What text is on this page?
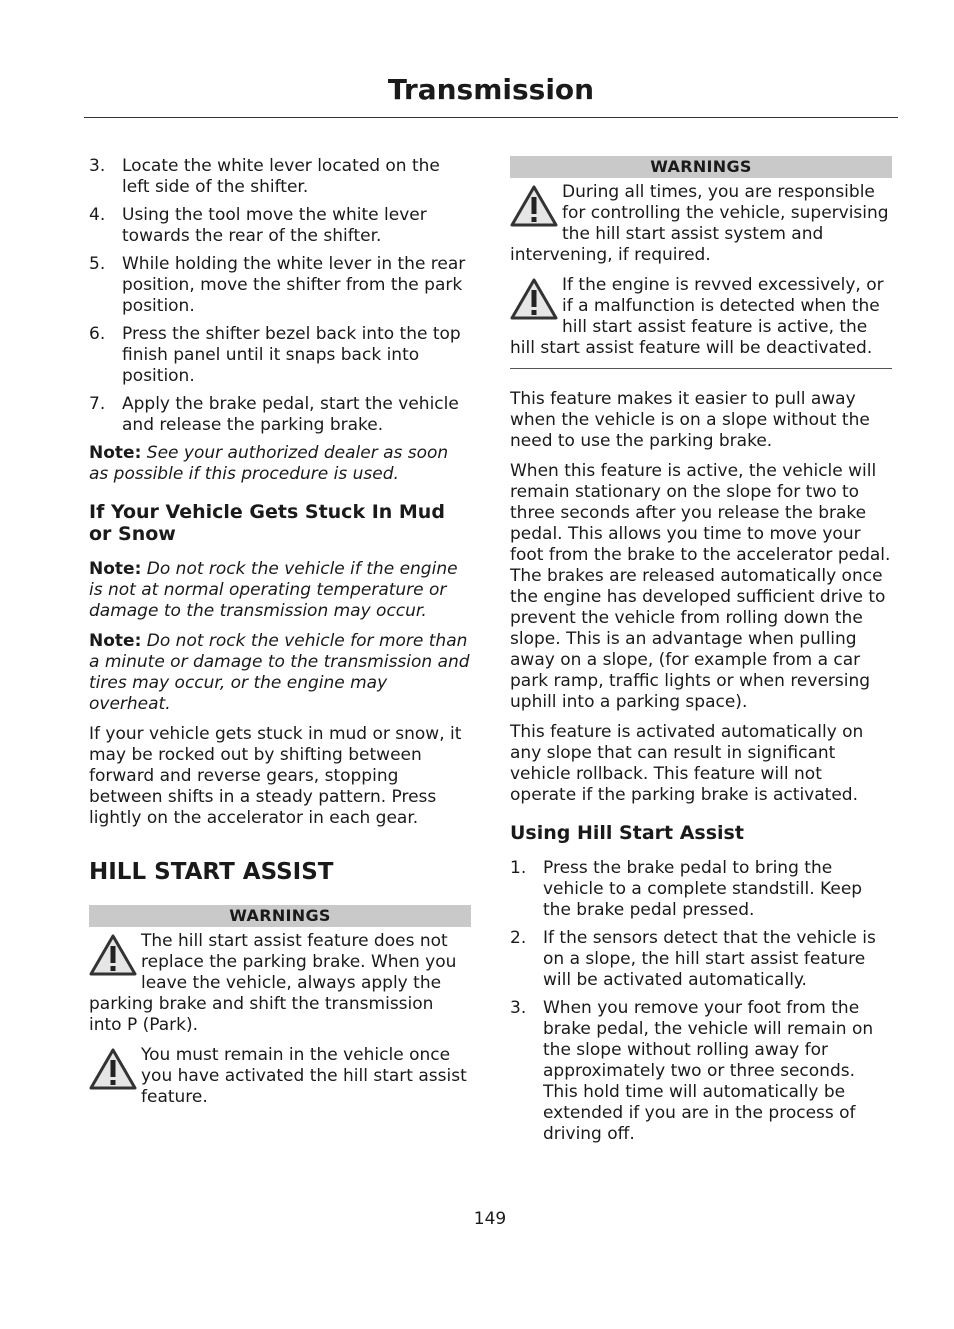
Transmission
3. Locate the white lever located on the left side of the shifter.
4. Using the tool move the white lever towards the rear of the shifter.
5. While holding the white lever in the rear position, move the shifter from the park position.
6. Press the shifter bezel back into the top finish panel until it snaps back into position.
7. Apply the brake pedal, start the vehicle and release the parking brake.

Note: See your authorized dealer as soon as possible if this procedure is used.

If Your Vehicle Gets Stuck In Mud or Snow

Note: Do not rock the vehicle if the engine is not at normal operating temperature or damage to the transmission may occur.

Note: Do not rock the vehicle for more than a minute or damage to the transmission and tires may occur, or the engine may overheat.

If your vehicle gets stuck in mud or snow, it may be rocked out by shifting between forward and reverse gears, stopping between shifts in a steady pattern. Press lightly on the accelerator in each gear.

HILL START ASSIST
WARNINGS
The hill start assist feature does not replace the parking brake. When you leave the vehicle, always apply the parking brake and shift the transmission into P (Park).
You must remain in the vehicle once you have activated the hill start assist feature.
WARNINGS
During all times, you are responsible for controlling the vehicle, supervising the hill start assist system and intervening, if required.
If the engine is revved excessively, or if a malfunction is detected when the hill start assist feature is active, the hill start assist feature will be deactivated.

This feature makes it easier to pull away when the vehicle is on a slope without the need to use the parking brake.

When this feature is active, the vehicle will remain stationary on the slope for two to three seconds after you release the brake pedal. This allows you time to move your foot from the brake to the accelerator pedal. The brakes are released automatically once the engine has developed sufficient drive to prevent the vehicle from rolling down the slope. This is an advantage when pulling away on a slope, (for example from a car park ramp, traffic lights or when reversing uphill into a parking space).

This feature is activated automatically on any slope that can result in significant vehicle rollback. This feature will not operate if the parking brake is activated.

Using Hill Start Assist
1. Press the brake pedal to bring the vehicle to a complete standstill. Keep the brake pedal pressed.
2. If the sensors detect that the vehicle is on a slope, the hill start assist feature will be activated automatically.
3. When you remove your foot from the brake pedal, the vehicle will remain on the slope without rolling away for approximately two or three seconds. This hold time will automatically be extended if you are in the process of driving off.
149
